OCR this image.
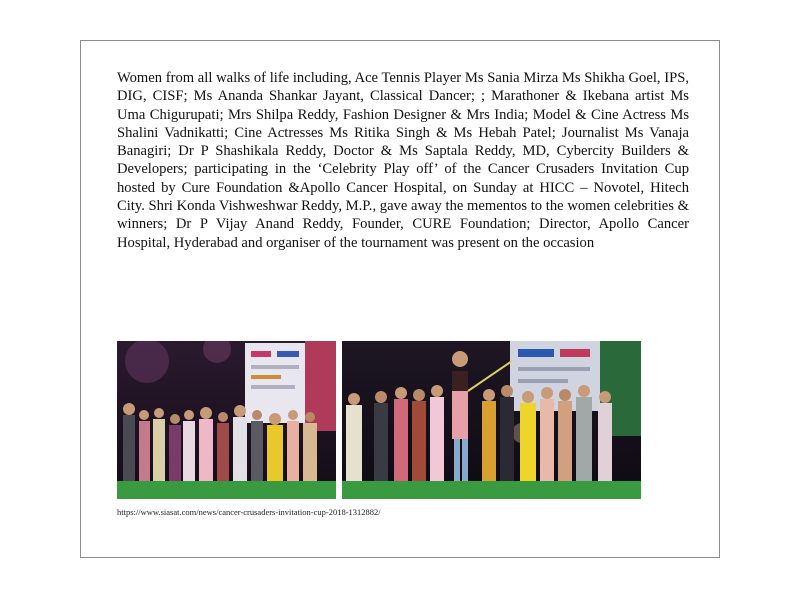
Women from all walks of life including, Ace Tennis Player Ms Sania Mirza Ms Shikha Goel, IPS, DIG, CISF; Ms Ananda Shankar Jayant, Classical Dancer; ; Marathoner & Ikebana artist Ms Uma Chigurupati; Mrs Shilpa Reddy, Fashion Designer & Mrs India; Model & Cine Actress Ms Shalini Vadnikatti; Cine Actresses Ms Ritika Singh & Ms Hebah Patel; Journalist Ms Vanaja Banagiri; Dr P Shashikala Reddy, Doctor & Ms Saptala Reddy, MD, Cybercity Builders & Developers; participating in the ‘Celebrity Play off’ of the Cancer Crusaders Invitation Cup hosted by Cure Foundation &Apollo Cancer Hospital, on Sunday at HICC – Novotel, Hitech City. Shri Konda Vishweshwar Reddy, M.P., gave away the mementos to the women celebrities & winners; Dr P Vijay Anand Reddy, Founder, CURE Foundation; Director, Apollo Cancer Hospital, Hyderabad and organiser of the tournament was present on the occasion

https://www.siasat.com/news/cancer-crusaders-invitation-cup-2018-1312882/
